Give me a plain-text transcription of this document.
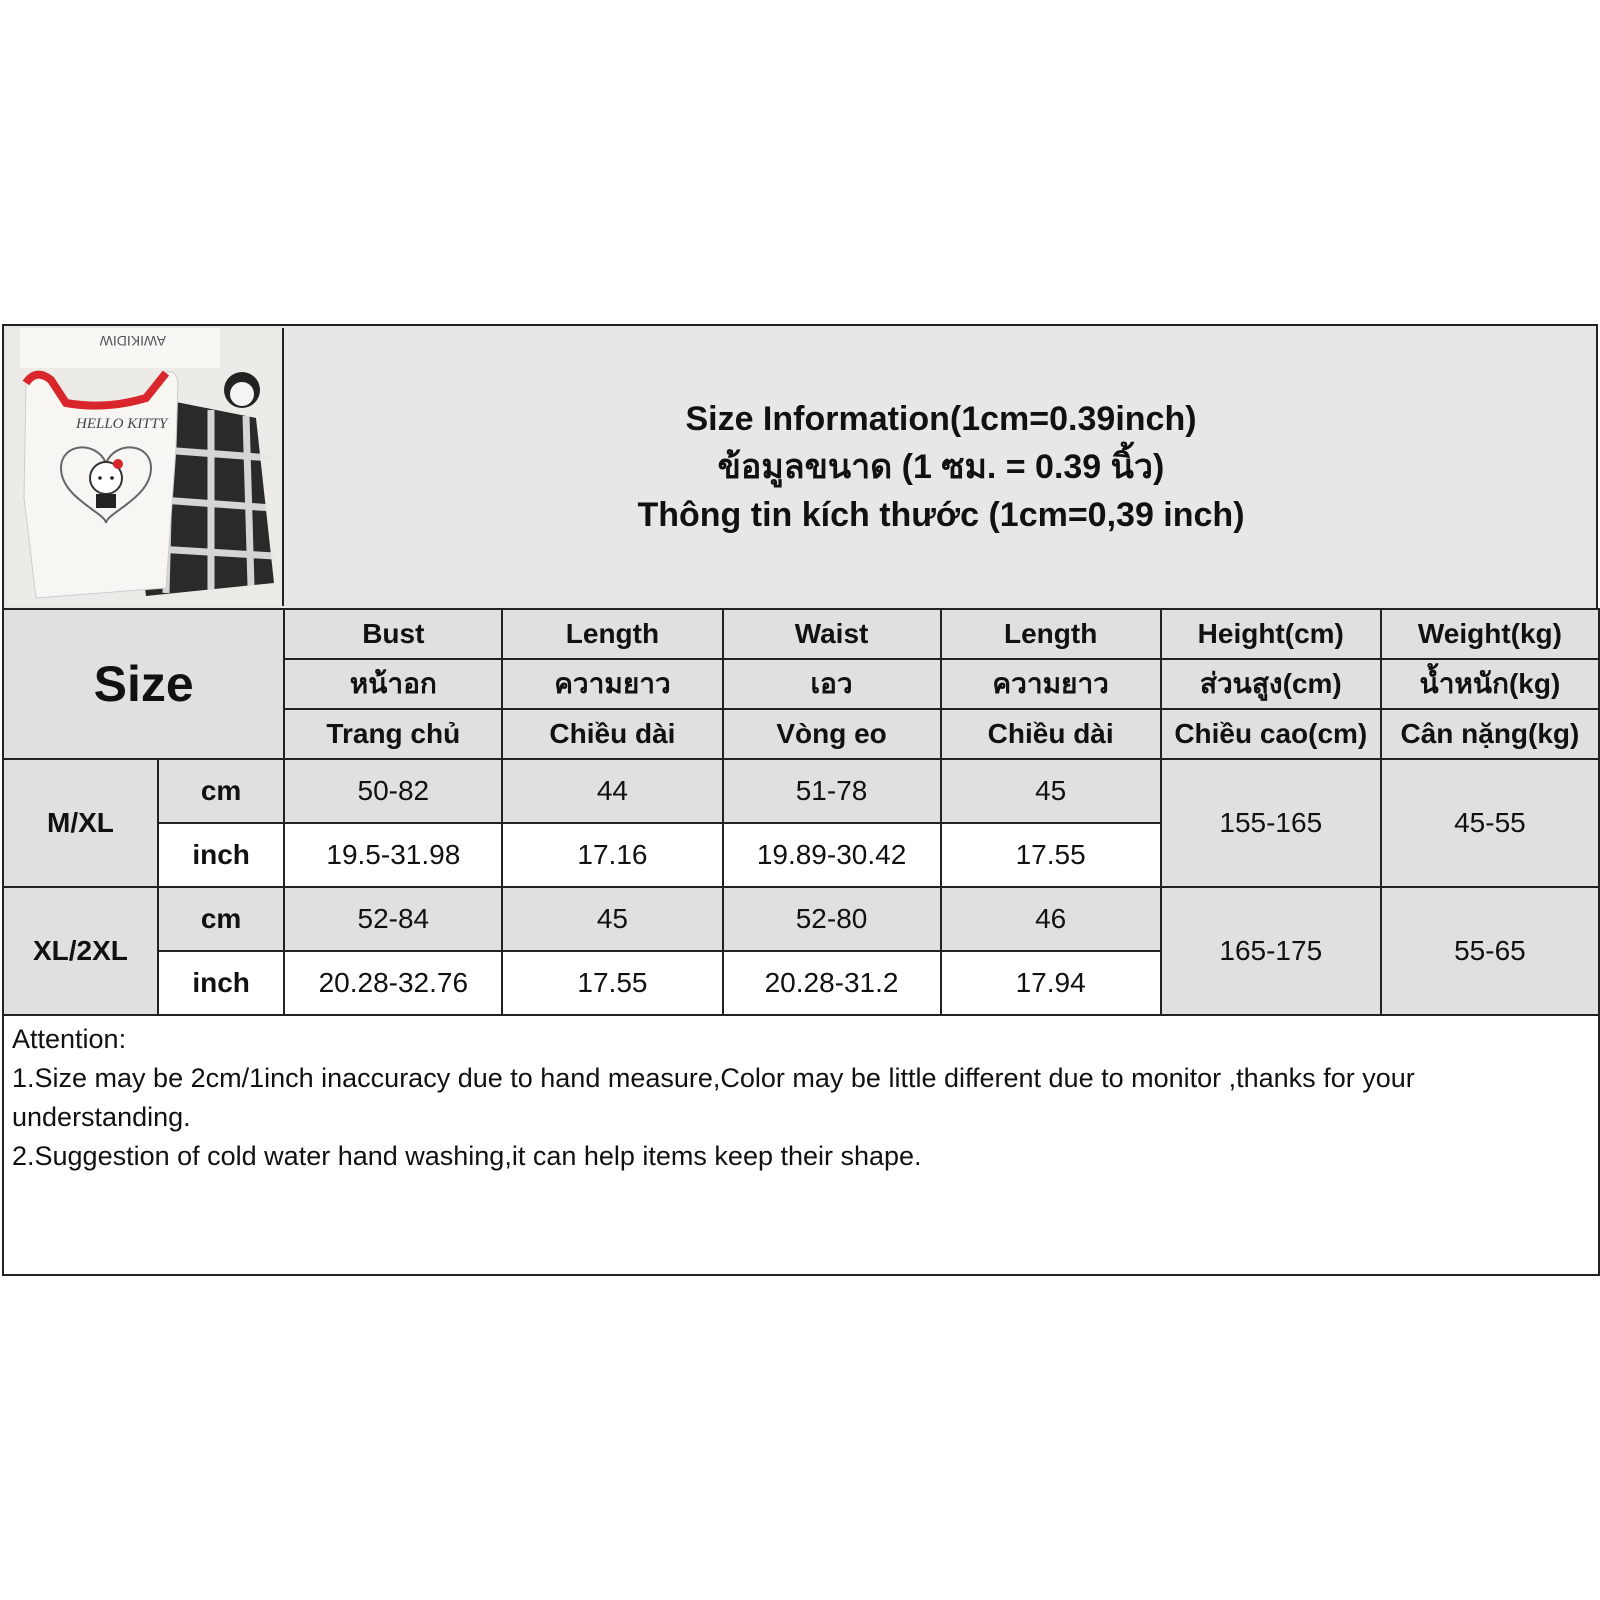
AWIKIDIW
HELLO KITTY	Size Information(1cm=0.39inch)
ข้อมูลขนาด (1 ซม. = 0.39 นิ้ว)
Thông tin kích thước (1cm=0,39 inch)
Size		Bust	Length	Waist	Length	Height(cm)	Weight(kg)
		หน้าอก	ความยาว	เอว	ความยาว	ส่วนสูง(cm)	น้ำหนัก(kg)
		Trang chủ	Chiều dài	Vòng eo	Chiều dài	Chiều cao(cm)	Cân nặng(kg)
M/XL	cm	50-82	44	51-78	45	155-165	45-55
	inch	19.5-31.98	17.16	19.89-30.42	17.55		
XL/2XL	cm	52-84	45	52-80	46	165-175	55-65
	inch	20.28-32.76	17.55	20.28-31.2	17.94		
Attention:
1.Size may be 2cm/1inch inaccuracy due to hand measure,Color may be little different due to monitor ,thanks for your understanding.
2.Suggestion of cold water hand washing,it can help items keep their shape.
